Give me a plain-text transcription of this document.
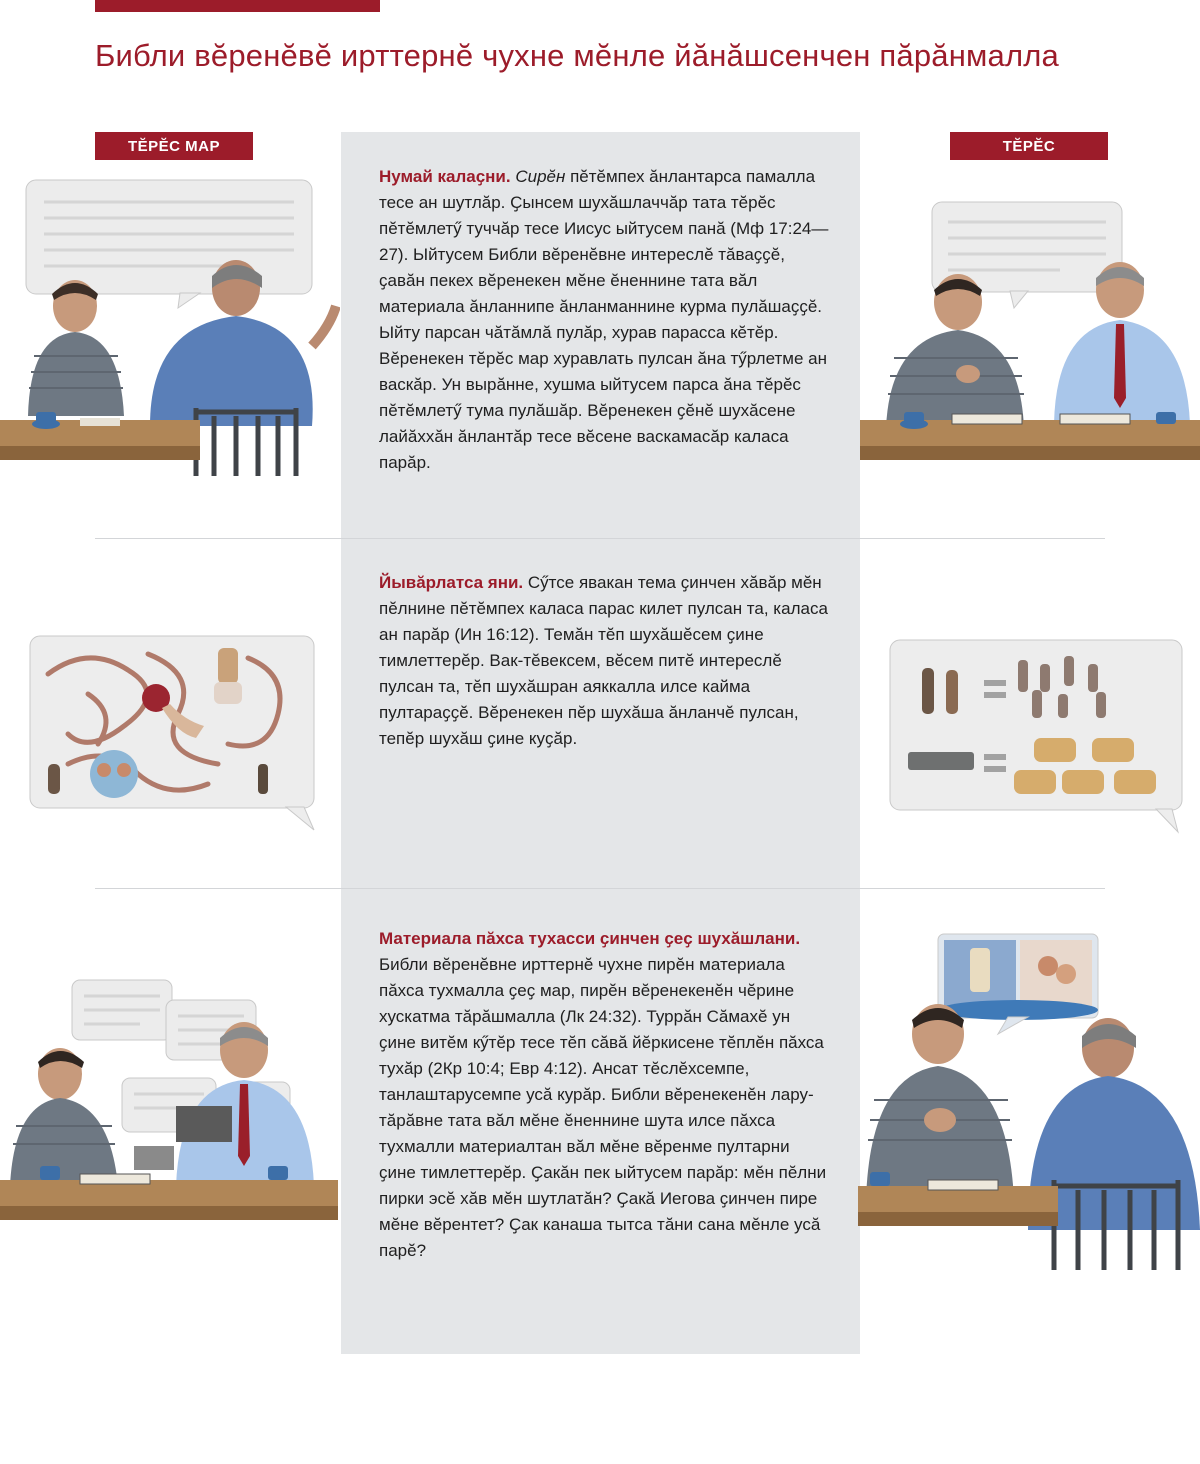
Библи вӗренӗвӗ ирттернӗ чухне мӗнле йӑнӑшсенчен пӑрӑнмалла
ТӖРӖС МАР	ТӖРӖС
Нумай калаҫни. Сирӗн пӗтӗмпех ӑнлантарса памалла тесе ан шутлӑр. Ҫынсем шухӑшлаччӑр тата тӗрӗс пӗтӗмлетӳ туччӑр тесе Иисус ыйтусем панӑ (Мф 17:24—27). Ыйтусем Библи вӗренӗвне интереслӗ тӑваҫҫӗ, ҫавӑн пекех вӗренекен мӗне ӗненнине тата вӑл материала ӑнланнипе ӑнланманнине курма пулӑшаҫҫӗ. Ыйту парсан чӑтӑмлӑ пулӑр, хурав парасса кӗтӗр. Вӗренекен тӗрӗс мар хуравлать пулсан ӑна тӳрлетме ан васкӑр. Ун вырӑнне, хушма ыйтусем парса ӑна тӗрӗс пӗтӗмлетӳ тума пулӑшӑр. Вӗренекен ҫӗнӗ шухӑсене лайӑххӑн ӑнлантӑр тесе вӗсене васкамасӑр каласа парӑр.
Йывӑрлатса яни. Сӳтсе явакан тема ҫинчен хӑвӑр мӗн пӗлнине пӗтӗмпех каласа парас килет пулсан та, каласа ан парӑр (Ин 16:12). Темӑн тӗп шухӑшӗсем ҫине тимлеттерӗр. Вак-тӗвексем, вӗсем питӗ интереслӗ пулсан та, тӗп шухӑшран аяккалла илсе кайма пултараҫҫӗ. Вӗренекен пӗр шухӑша ӑнланчӗ пулсан, тепӗр шухӑш ҫине куҫӑр.
Материала пӑхса тухасси ҫинчен ҫеҫ шухӑшлани. Библи вӗренӗвне ирттернӗ чухне пирӗн материала пӑхса тухмалла ҫеҫ мар, пирӗн вӗренекенӗн чӗрине хускатма тӑрӑшмалла (Лк 24:32). Туррӑн Сӑмахӗ ун ҫине витӗм кӳтӗр тесе тӗп сӑвӑ йӗркисене тӗплӗн пӑхса тухӑр (2Кр 10:4; Евр 4:12). Ансат тӗслӗхсемпе, танлаштарусемпе усӑ курӑр. Библи вӗренекенӗн лару-тӑрӑвне тата вӑл мӗне ӗненнине шута илсе пӑхса тухмалли материалтан вӑл мӗне вӗренме пултарни ҫине тимлеттерӗр. Ҫакӑн пек ыйтусем парӑр: мӗн пӗлни пирки эсӗ хӑв мӗн шутлатӑн? Ҫакӑ Иегова ҫинчен пире мӗне вӗрентет? Ҫак канаша тытса тӑни сана мӗнле усӑ парӗ?
